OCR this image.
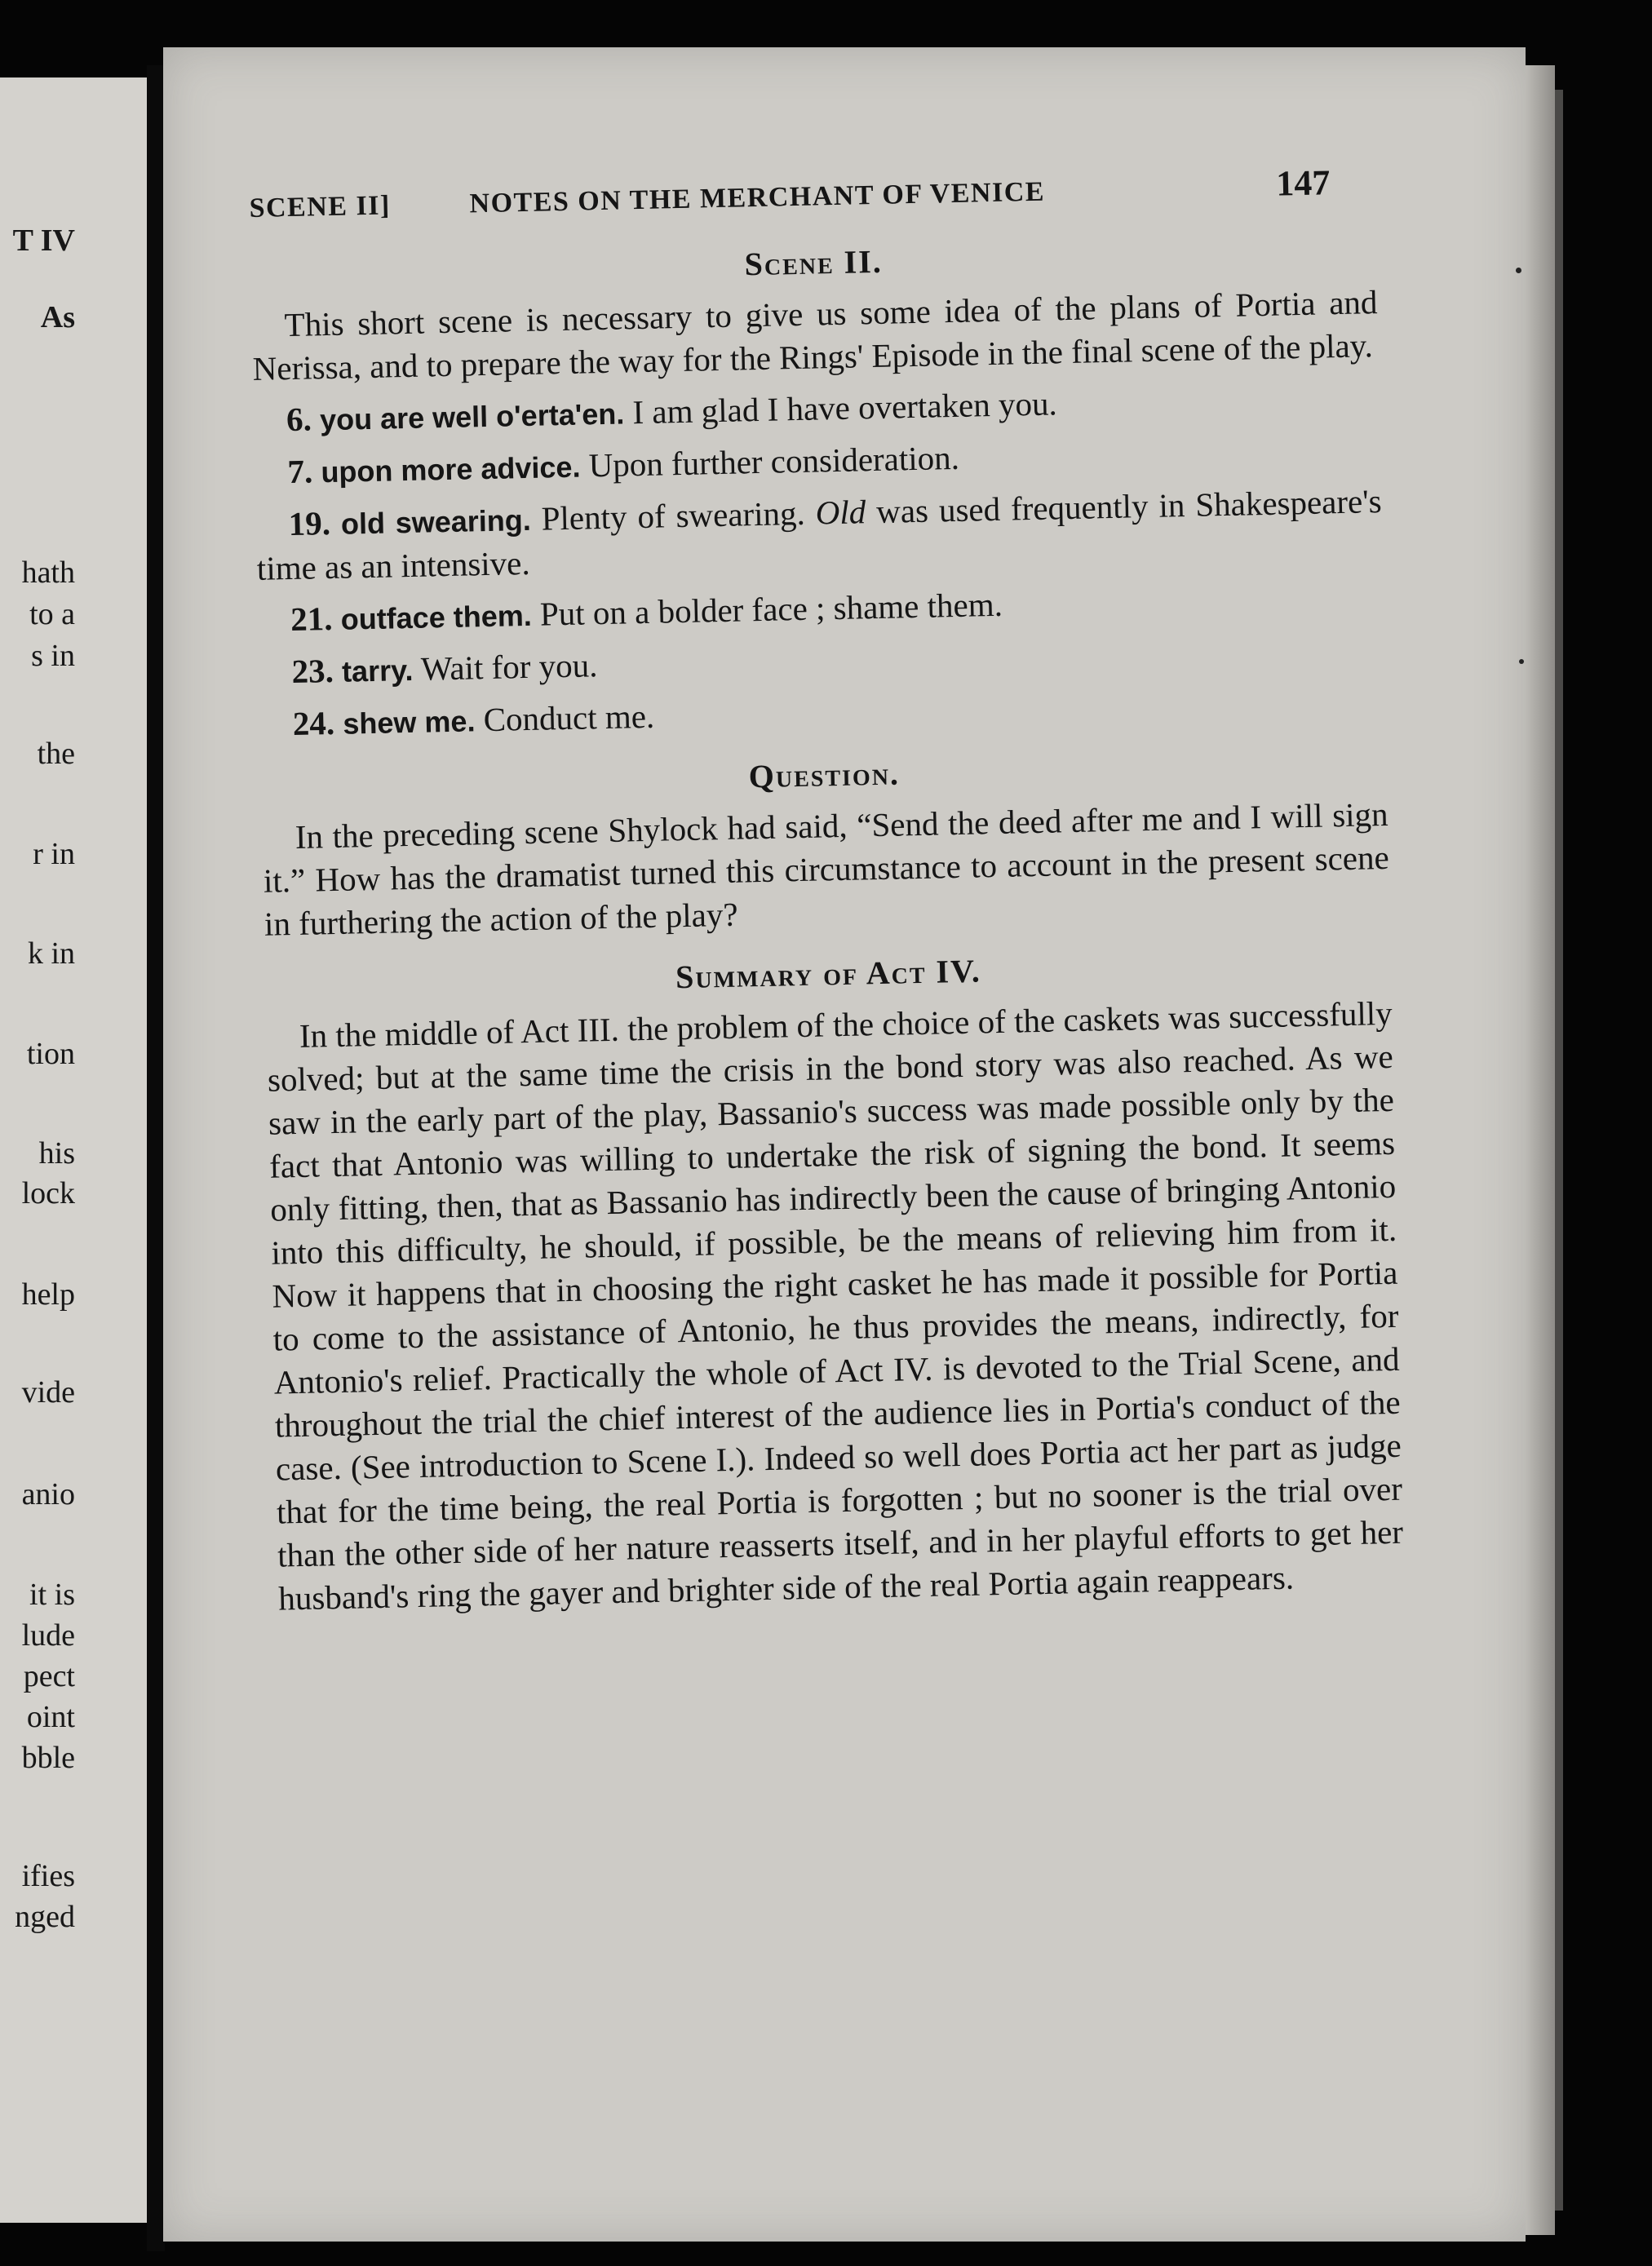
T IV
As
hath
to a
s in
the
r in
k in
tion
his
lock
help
vide
anio
it is
lude
pect
oint
bble
ifies
nged
SCENE II]	NOTES ON THE MERCHANT OF VENICE	147
Scene II.

This short scene is necessary to give us some idea of the plans of Portia and Nerissa, and to prepare the way for the Rings' Episode in the final scene of the play.

6. you are well o'erta'en. I am glad I have overtaken you.

7. upon more advice. Upon further consideration.

19. old swearing. Plenty of swearing. Old was used frequently in Shakespeare's time as an intensive.

21. outface them. Put on a bolder face ; shame them.

23. tarry. Wait for you.

24. shew me. Conduct me.

Question.

In the preceding scene Shylock had said, “Send the deed after me and I will sign it.” How has the dramatist turned this circumstance to account in the present scene in furthering the action of the play?

Summary of Act IV.

In the middle of Act III. the problem of the choice of the caskets was successfully solved; but at the same time the crisis in the bond story was also reached. As we saw in the early part of the play, Bassanio's success was made possible only by the fact that Antonio was willing to undertake the risk of signing the bond. It seems only fitting, then, that as Bassanio has indirectly been the cause of bringing Antonio into this difficulty, he should, if possible, be the means of relieving him from it. Now it happens that in choosing the right casket he has made it possible for Portia to come to the assistance of Antonio, he thus provides the means, indirectly, for Antonio's relief. Practically the whole of Act IV. is devoted to the Trial Scene, and throughout the trial the chief interest of the audience lies in Portia's conduct of the case. (See introduction to Scene I.). Indeed so well does Portia act her part as judge that for the time being, the real Portia is forgotten ; but no sooner is the trial over than the other side of her nature reasserts itself, and in her playful efforts to get her husband's ring the gayer and brighter side of the real Portia again reappears.
